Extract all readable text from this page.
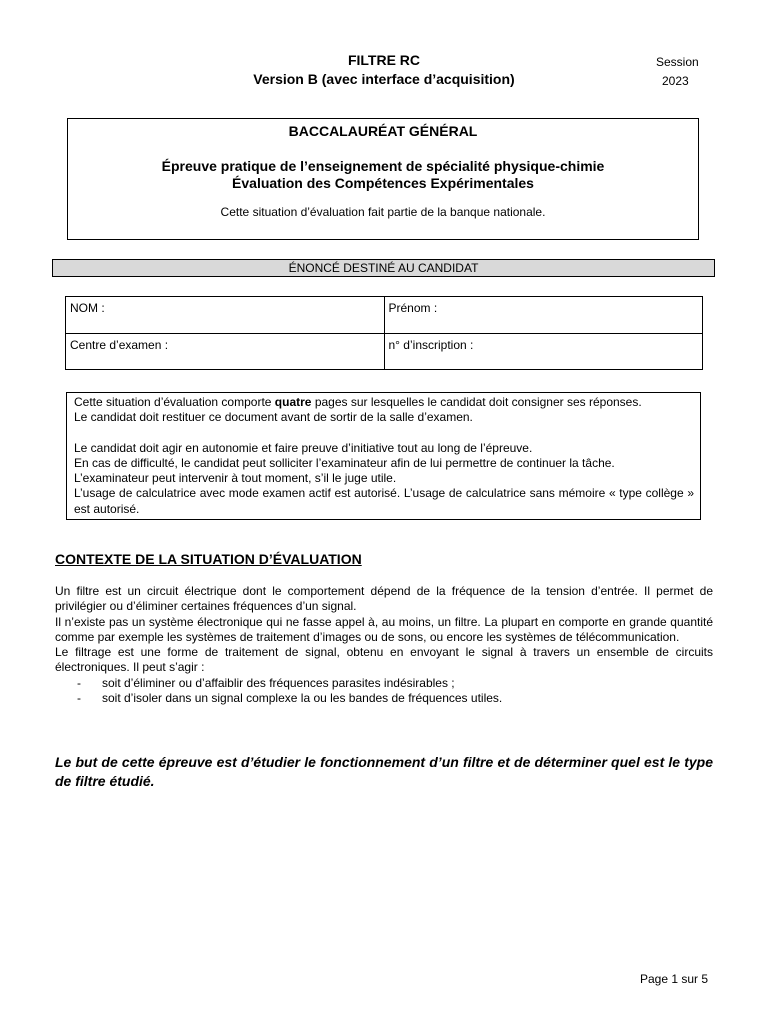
FILTRE RC
Version B (avec interface d’acquisition)
Session
2023
BACCALAURÉAT GÉNÉRAL
Épreuve pratique de l’enseignement de spécialité physique-chimie
Évaluation des Compétences Expérimentales
Cette situation d’évaluation fait partie de la banque nationale.
ÉNONCÉ DESTINÉ AU CANDIDAT
NOM :	Prénom :
Centre d’examen :	n° d’inscription :

Cette situation d’évaluation comporte quatre pages sur lesquelles le candidat doit consigner ses réponses.

Le candidat doit restituer ce document avant de sortir de la salle d’examen.

Le candidat doit agir en autonomie et faire preuve d’initiative tout au long de l’épreuve.

En cas de difficulté, le candidat peut solliciter l’examinateur afin de lui permettre de continuer la tâche.

L’examinateur peut intervenir à tout moment, s’il le juge utile.

L’usage de calculatrice avec mode examen actif est autorisé. L’usage de calculatrice sans mémoire « type collège » est autorisé.

CONTEXTE DE LA SITUATION D’ÉVALUATION

Un filtre est un circuit électrique dont le comportement dépend de la fréquence de la tension d’entrée. Il permet de privilégier ou d’éliminer certaines fréquences d’un signal.

Il n’existe pas un système électronique qui ne fasse appel à, au moins, un filtre. La plupart en comporte en grande quantité comme par exemple les systèmes de traitement d’images ou de sons, ou encore les systèmes de télécommunication.

Le filtrage est une forme de traitement de signal, obtenu en envoyant le signal à travers un ensemble de circuits électroniques. Il peut s’agir :

- soit d’éliminer ou d’affaiblir des fréquences parasites indésirables ;
- soit d’isoler dans un signal complexe la ou les bandes de fréquences utiles.
Le but de cette épreuve est d’étudier le fonctionnement d’un filtre et de déterminer quel est le type de filtre étudié.
Page 1 sur 5
